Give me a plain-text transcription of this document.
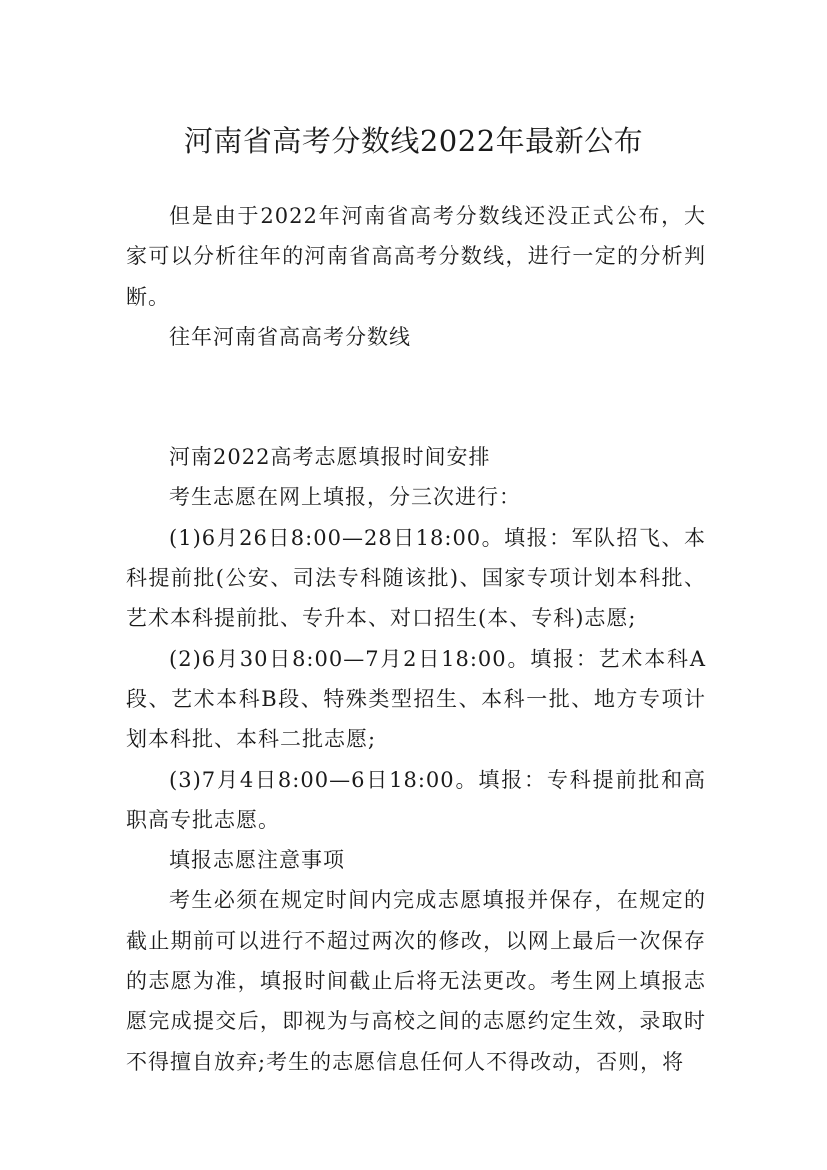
河南省高考分数线2022年最新公布

但是由于2022年河南省高考分数线还没正式公布，大家可以分析往年的河南省高高考分数线，进行一定的分析判断。

往年河南省高高考分数线

河南2022高考志愿填报时间安排

考生志愿在网上填报，分三次进行：

(1)6月26日8:00—28日18:00。填报：军队招飞、本科提前批(公安、司法专科随该批)、国家专项计划本科批、艺术本科提前批、专升本、对口招生(本、专科)志愿;

(2)6月30日8:00—7月2日18:00。填报：艺术本科A段、艺术本科B段、特殊类型招生、本科一批、地方专项计划本科批、本科二批志愿;

(3)7月4日8:00—6日18:00。填报：专科提前批和高职高专批志愿。

填报志愿注意事项

考生必须在规定时间内完成志愿填报并保存，在规定的截止期前可以进行不超过两次的修改，以网上最后一次保存的志愿为准，填报时间截止后将无法更改。考生网上填报志愿完成提交后，即视为与高校之间的志愿约定生效，录取时不得擅自放弃;考生的志愿信息任何人不得改动，否则，将
